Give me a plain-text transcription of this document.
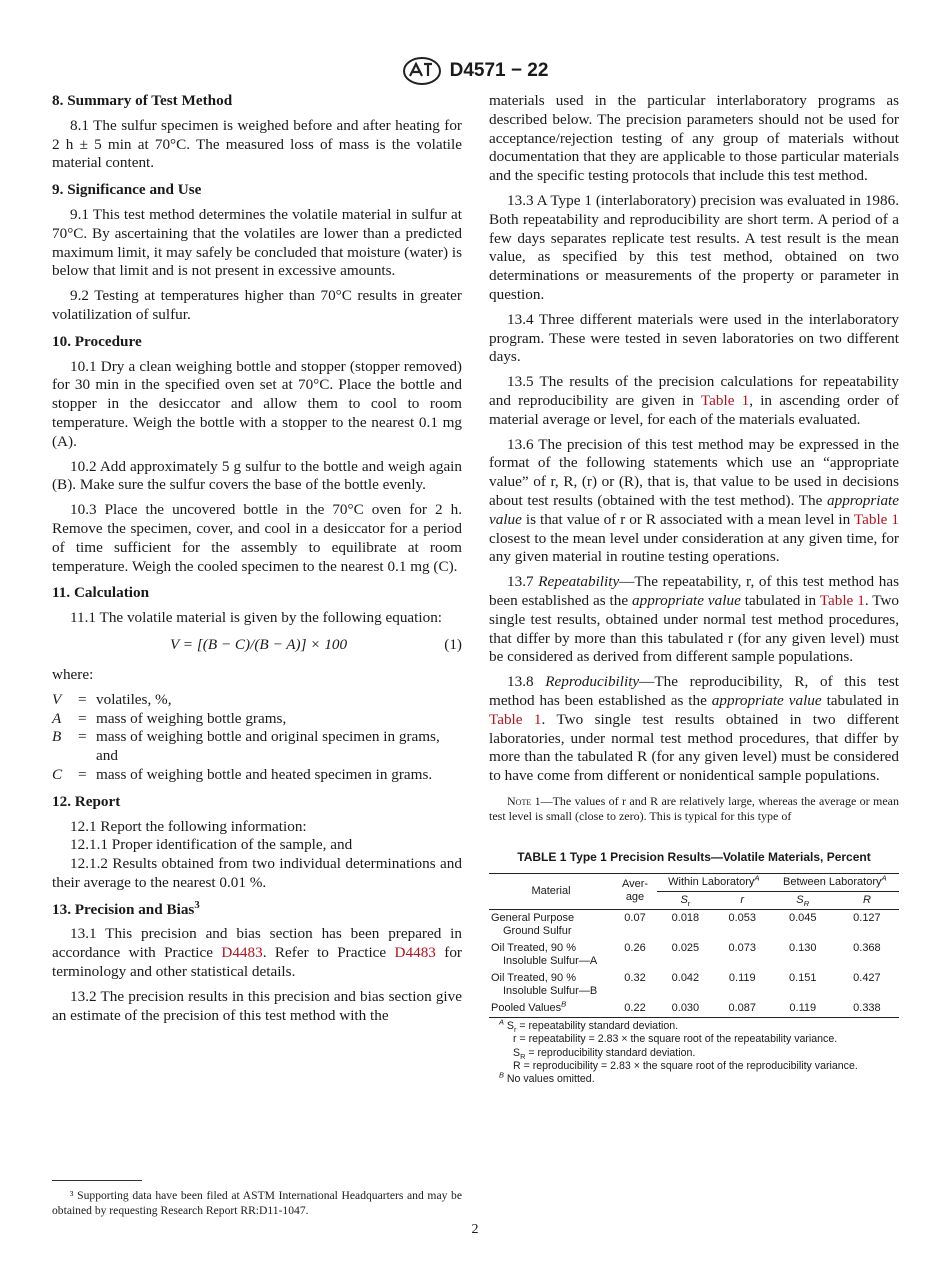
D4571 − 22
8. Summary of Test Method

8.1 The sulfur specimen is weighed before and after heating for 2 h ± 5 min at 70°C. The measured loss of mass is the volatile material content.

9. Significance and Use

9.1 This test method determines the volatile material in sulfur at 70°C. By ascertaining that the volatiles are lower than a predicted maximum limit, it may safely be concluded that moisture (water) is below that limit and is not present in excessive amounts.

9.2 Testing at temperatures higher than 70°C results in greater volatilization of sulfur.

10. Procedure

10.1 Dry a clean weighing bottle and stopper (stopper removed) for 30 min in the specified oven set at 70°C. Place the bottle and stopper in the desiccator and allow them to cool to room temperature. Weigh the bottle with a stopper to the nearest 0.1 mg (A).

10.2 Add approximately 5 g sulfur to the bottle and weigh again (B). Make sure the sulfur covers the base of the bottle evenly.

10.3 Place the uncovered bottle in the 70°C oven for 2 h. Remove the specimen, cover, and cool in a desiccator for a period of time sufficient for the assembly to equilibrate at room temperature. Weigh the cooled specimen to the nearest 0.1 mg (C).

11. Calculation

11.1 The volatile material is given by the following equation:

V = [(B − C)/(B − A)] × 100	(1)

where:

V	= volatiles, %,
A	= mass of weighing bottle grams,
B	= mass of weighing bottle and original specimen in grams, and
C	= mass of weighing bottle and heated specimen in grams.
12. Report

12.1 Report the following information:

12.1.1 Proper identification of the sample, and

12.1.2 Results obtained from two individual determinations and their average to the nearest 0.01 %.

13. Precision and Bias$^3$

13.1 This precision and bias section has been prepared in accordance with Practice D4483. Refer to Practice D4483 for terminology and other statistical details.

13.2 The precision results in this precision and bias section give an estimate of the precision of this test method with the

³ Supporting data have been filed at ASTM International Headquarters and may be obtained by requesting Research Report RR:D11-1047.

materials used in the particular interlaboratory programs as described below. The precision parameters should not be used for acceptance/rejection testing of any group of materials without documentation that they are applicable to those particular materials and the specific testing protocols that include this test method.

13.3 A Type 1 (interlaboratory) precision was evaluated in 1986. Both repeatability and reproducibility are short term. A period of a few days separates replicate test results. A test result is the mean value, as specified by this test method, obtained on two determinations or measurements of the property or parameter in question.

13.4 Three different materials were used in the interlaboratory program. These were tested in seven laboratories on two different days.

13.5 The results of the precision calculations for repeatability and reproducibility are given in Table 1, in ascending order of material average or level, for each of the materials evaluated.

13.6 The precision of this test method may be expressed in the format of the following statements which use an “appropriate value” of r, R, (r) or (R), that is, that value to be used in decisions about test results (obtained with the test method). The appropriate value is that value of r or R associated with a mean level in Table 1 closest to the mean level under consideration at any given time, for any given material in routine testing operations.

13.7 Repeatability—The repeatability, r, of this test method has been established as the appropriate value tabulated in Table 1. Two single test results, obtained under normal test method procedures, that differ by more than this tabulated r (for any given level) must be considered as derived from different sample populations.

13.8 Reproducibility—The reproducibility, R, of this test method has been established as the appropriate value tabulated in Table 1. Two single test results obtained in two different laboratories, under normal test method procedures, that differ by more than the tabulated R (for any given level) must be considered to have come from different or nonidentical sample populations.

Note 1—The values of r and R are relatively large, whereas the average or mean test level is small (close to zero). This is typical for this type of

TABLE 1 Type 1 Precision Results—Volatile Materials, Percent
Material	Aver- age	Within Laboratory$^A$		Between Laboratory$^A$
		$S_r$	r	$S_R$	R

General Purpose
Ground Sulfur	0.07	0.018	0.053	0.045	0.127

Oil Treated, 90 %
Insoluble Sulfur—A	0.26	0.025	0.073	0.130	0.368

Oil Treated, 90 %
Insoluble Sulfur—B	0.32	0.042	0.119	0.151	0.427
Pooled Values$^B$	0.22	0.030	0.087	0.119	0.338
$^A$ $S_r$ = repeatability standard deviation.
r = repeatability = 2.83 × the square root of the repeatability variance.
$S_R$ = reproducibility standard deviation.
R = reproducibility = 2.83 × the square root of the reproducibility variance.
$^B$ No values omitted.
2
